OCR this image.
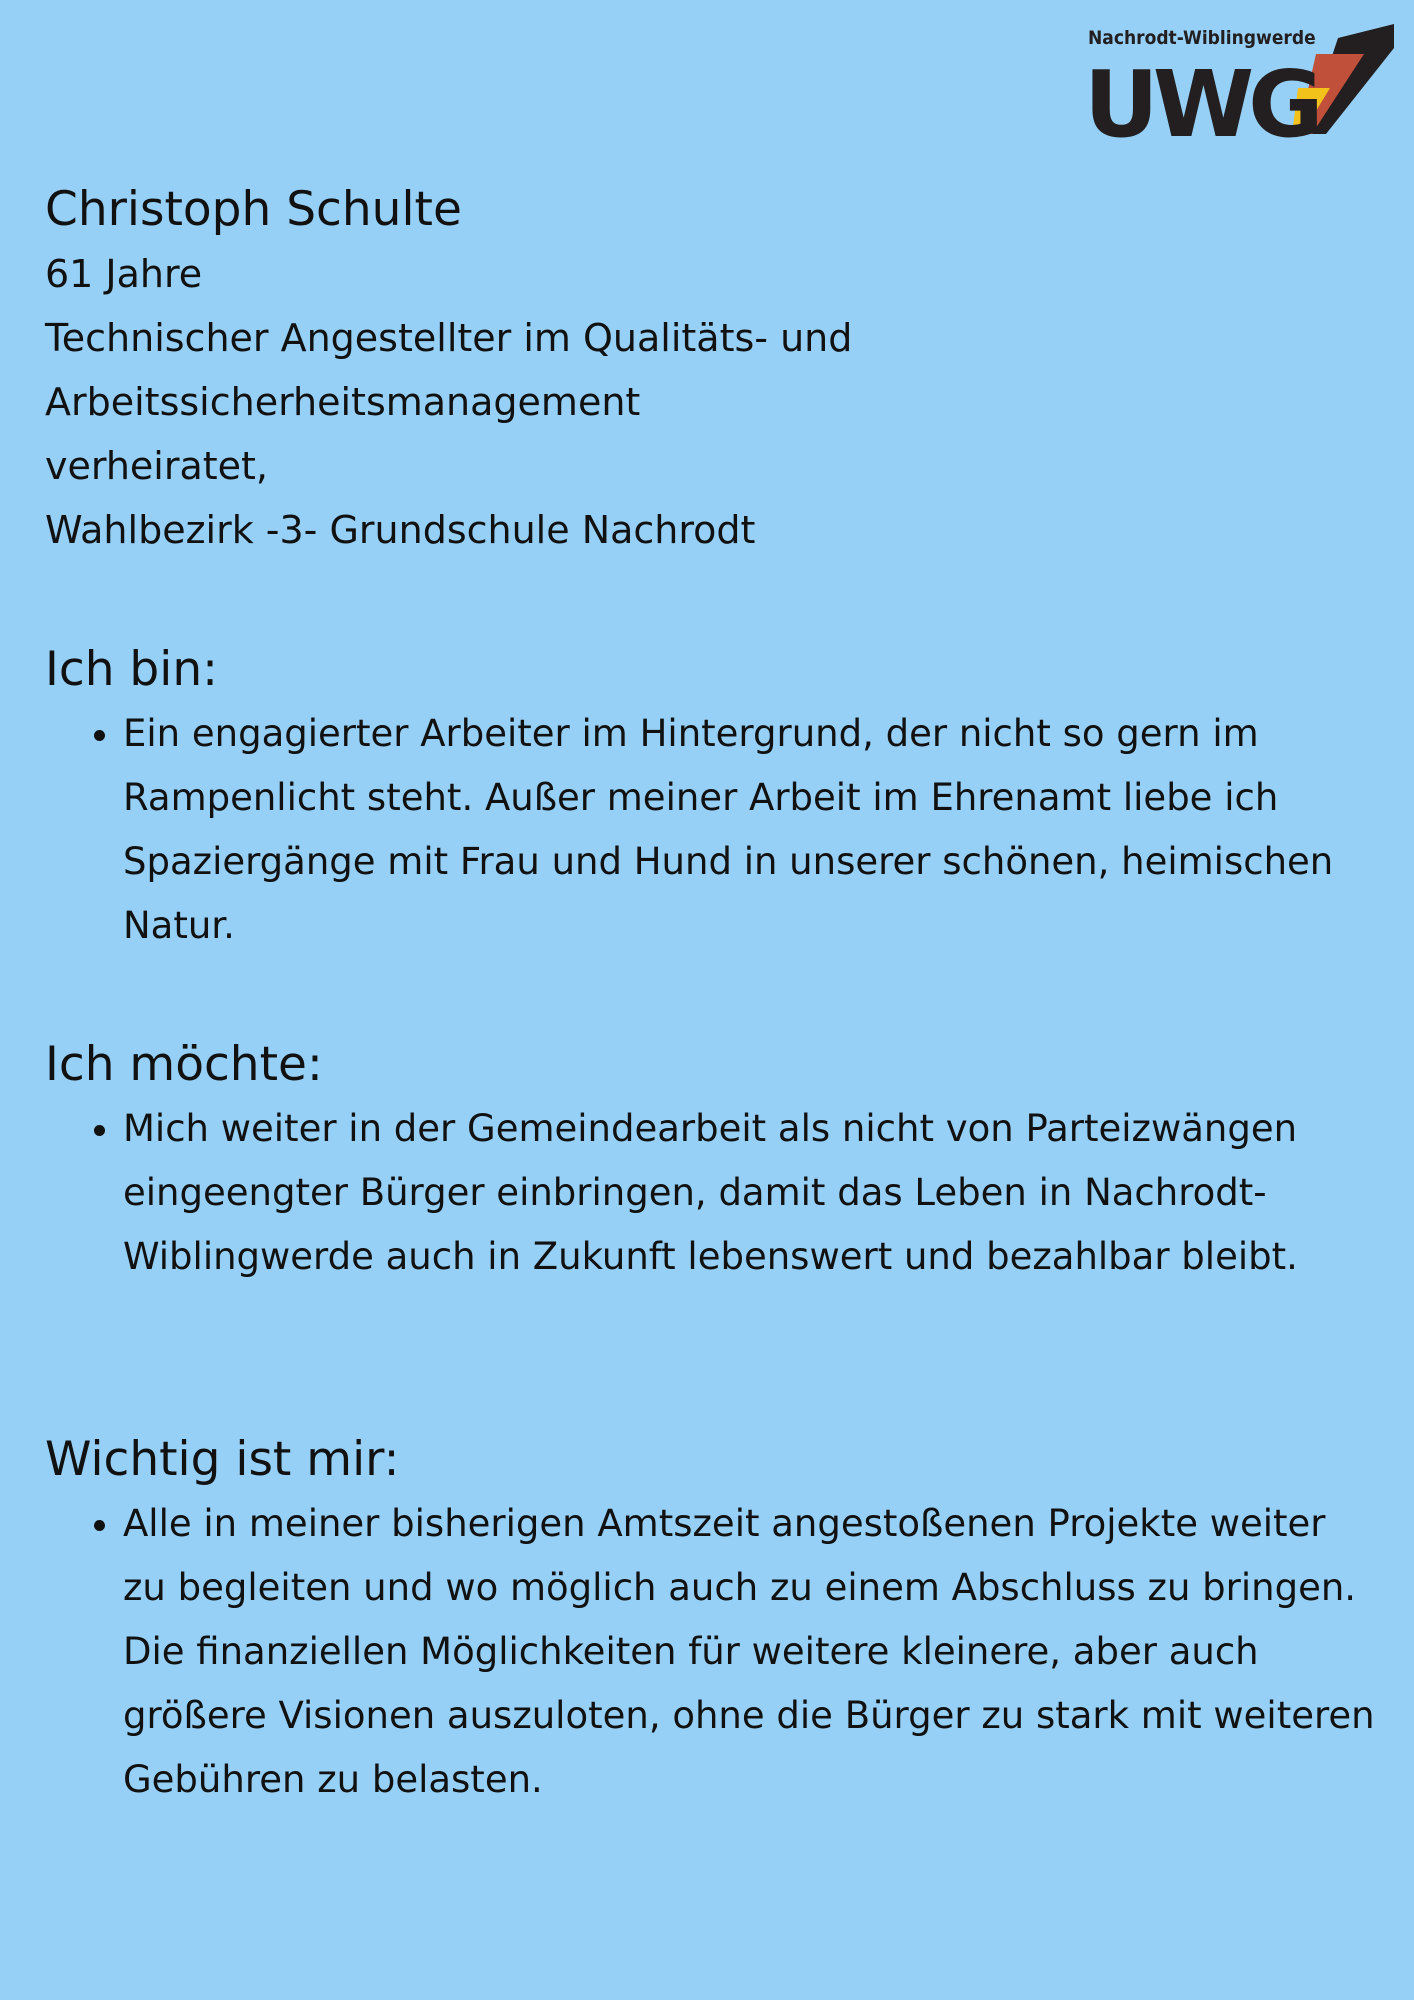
Nachrodt-Wiblingwerde
UWG
Christoph Schulte

61 Jahre

Technischer Angestellter im Qualitäts- und

Arbeitssicherheitsmanagement

verheiratet,

Wahlbezirk -3- Grundschule Nachrodt

Ich bin:
• Ein engagierter Arbeiter im Hintergrund, der nicht so gern im Rampenlicht steht. Außer meiner Arbeit im Ehrenamt liebe ich Spaziergänge mit Frau und Hund in unserer schönen, heimischen Natur.
Ich möchte:
• Mich weiter in der Gemeindearbeit als nicht von Parteizwängen eingeengter Bürger einbringen, damit das Leben in Nachrodt-Wiblingwerde auch in Zukunft lebenswert und bezahlbar bleibt.
Wichtig ist mir:
• Alle in meiner bisherigen Amtszeit angestoßenen Projekte weiter zu begleiten und wo möglich auch zu einem Abschluss zu bringen. Die finanziellen Möglichkeiten für weitere kleinere, aber auch größere Visionen auszuloten, ohne die Bürger zu stark mit weiteren Gebühren zu belasten.
